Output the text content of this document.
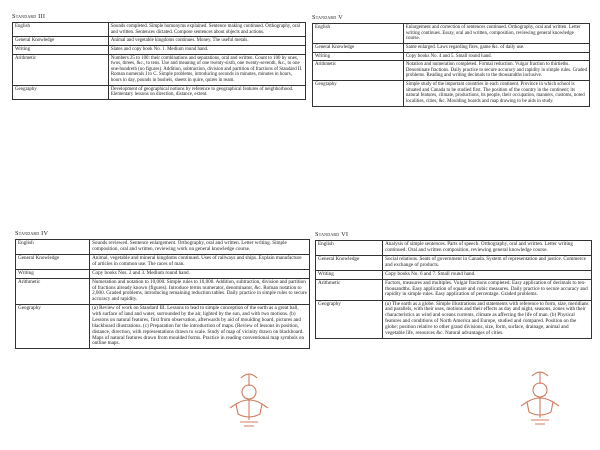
Standard III
English	Sounds completed. Simple homonyms explained. Sentence making continued. Orthography, oral and written. Sentences dictated. Compose sentences about objects and actions.
General Knowledge	Animal and vegetable kingdoms continues. Money. The useful metals.
Writing	Slates and copy book No. 1. Medium round hand.
Arithmetic	Numbers 25 to 100: their combinations and separations, oral and written. Count to 100 by ones, twos, threes, &c., to tens. Use and meaning of one twenty-sixth, one twenty-seventh, &c., to one one-hundreth (no figures). Addition, subtraction, division and partition of fractions of Standard II. Roman numerals I to C. Simple problems, introducing seconds in minutes, minutes in hours, hours in day, pounds in bushels, sheets in quire, quires in ream.
Geography	Development of geographical notions by reference to geographical features of neighborhood. Elementary lessons on direction, distance, extent.
Standard V
English	Enlargement and correction of sentences continued. Orthography, oral and written. Letter writing continues. Essay, oral and written, composition, reviewing general knowledge course.
General Knowledge	Same enlarged. Laws regarding fires, game &c. of daily use.
Writing	Copy books No. 4 and 5. Small round hand.
Arithmetic	Notation and numeration completed. Formal reduction. Vulgar fraction to thirtieths. Denominate fractions. Daily practice to secure accuracy and rapidity in simple rules. Graded problems. Reading and writing decimals to the thousandths inclusive.
Geography	Simple study of the important countries in each continent. Province in which school is situated and Canada to be studied first. The position of the country in the continent; its natural features, climate, productions, its people, their occupation, manners, customs, noted localities, cities, &c. Moulding boards and map drawing to be aids in study.
Standard IV
English	Sounds reviewed. Sentence enlargement. Orthography, oral and written. Letter writing. Simple composition, oral and written, reviewing work on general knowledge course.
General Knowledge	Animal, vegetable and mineral kingdoms continued. Uses of railways and ships. Explain manufacture of articles in common use. The races of man.
Writing	Copy books Nos. 2 and 3. Medium round hand.
Arithmetic	Numeration and notation to 10,000. Simple rules to 10,000. Addition, subtraction, division and partition of fractions already known (figures). Introduce terms numerator, denominator, &c. Roman notation to 2,000. Graded problems, introducing remaining reduction tables. Daily practice in simple rules to secure accuracy and rapidity.
Geography	(a) Review of work on Standard III. Lessons to lead to simple conception of the earth as a great ball, with surface of land and water, surrounded by the air, lighted by the sun, and with two motions. (b) Lessons on natural features, first from observation, afterwards by aid of moulding board, pictures and blackboard illustrations. (c) Preparation for the introduction of maps. (Review of lessons in position, distance, direction, with representations drawn to scale. Study of map of vicinity drawn on blackboard. Maps of natural features drawn from moulded forms. Practice in reading conventional map symbols on outline maps.
Standard VI
English	Analysis of simple sentences. Parts of speech. Orthography, oral and written. Letter writing continued. Oral and written composition, reviewing general knowledge course.
General Knowledge	Social relations. Seats of government in Canada. System of representation and justice. Commerce and exchange of products.
Writing	Copy books No. 6 and 7. Small round hand.
Arithmetic	Factors, measures and multiples. Vulgar fractions completed. Easy application of decimals to ten-thousandths. Easy application of square and cubic measures. Daily practice to secure accuracy and rapidity in simple rules. Easy application of percentage. Graded problems.
Geography	(a) The earth as a globe. Simple illustrations and statements with reference to form, size, meridians and parallels, with their uses, motions and their effects as day and night, seasons, zones with their characteristics as wind and oceans currents, climate as affecting the life of man. (b) Physical features and conditions of North America and Europe, studied and compared. Position on the globe; position relative to other grand divisions, size, form, surface, drainage, animal and vegetable life, resources &c. Natural advantages of cities.
